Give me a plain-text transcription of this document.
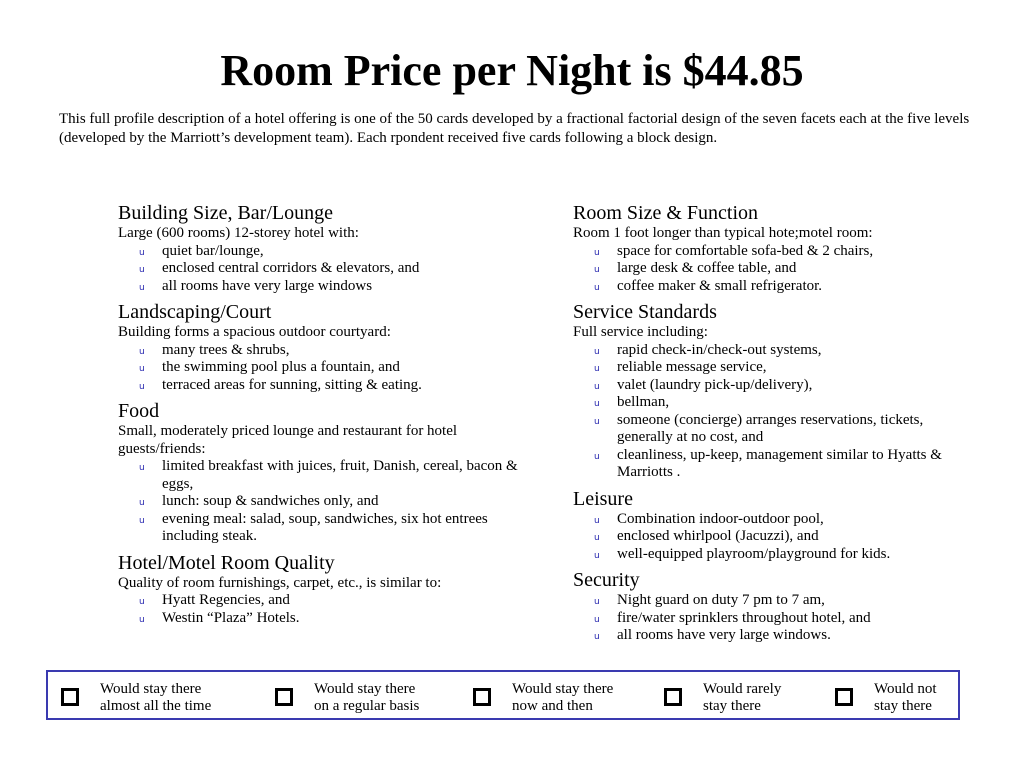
Room Price per Night is $44.85
This full profile description of a hotel offering is one of the 50 cards developed by a fractional factorial design of the seven facets each at the five levels (developed by the Marriott’s development team). Each rpondent received five cards following a block design.
Building Size, Bar/Lounge
Large (600 rooms) 12-storey hotel with:
u quiet bar/lounge,
u enclosed central corridors & elevators, and
u all rooms have very large windows
Landscaping/Court
Building forms a spacious outdoor courtyard:
u many trees & shrubs,
u the swimming pool plus a fountain, and
u terraced areas for sunning, sitting & eating.
Food
Small, moderately priced lounge and restaurant for hotel guests/friends:
u limited breakfast with juices, fruit, Danish, cereal, bacon & eggs,
u lunch: soup & sandwiches only, and
u evening meal: salad, soup, sandwiches, six hot entrees including steak.
Hotel/Motel Room Quality
Quality of room furnishings, carpet, etc., is similar to:
u Hyatt Regencies, and
u Westin “Plaza” Hotels.
Room Size & Function
Room 1 foot longer than typical hote;motel room:
u space for comfortable sofa-bed & 2 chairs,
u large desk & coffee table, and
u coffee maker & small refrigerator.
Service Standards
Full service including:
u rapid check-in/check-out systems,
u reliable message service,
u valet (laundry pick-up/delivery),
u bellman,
u someone (concierge) arranges reservations, tickets, generally at no cost, and
u cleanliness, up-keep, management similar to Hyatts & Marriotts .
Leisure
u Combination indoor-outdoor pool,
u enclosed whirlpool (Jacuzzi), and
u well-equipped playroom/playground for kids.
Security
u Night guard on duty 7 pm to 7 am,
u fire/water sprinklers throughout hotel, and
u all rooms have very large windows.
Would stay there
almost all the time
Would stay there
on a regular basis
Would stay there
now and then
Would rarely
stay there
Would not
stay there
